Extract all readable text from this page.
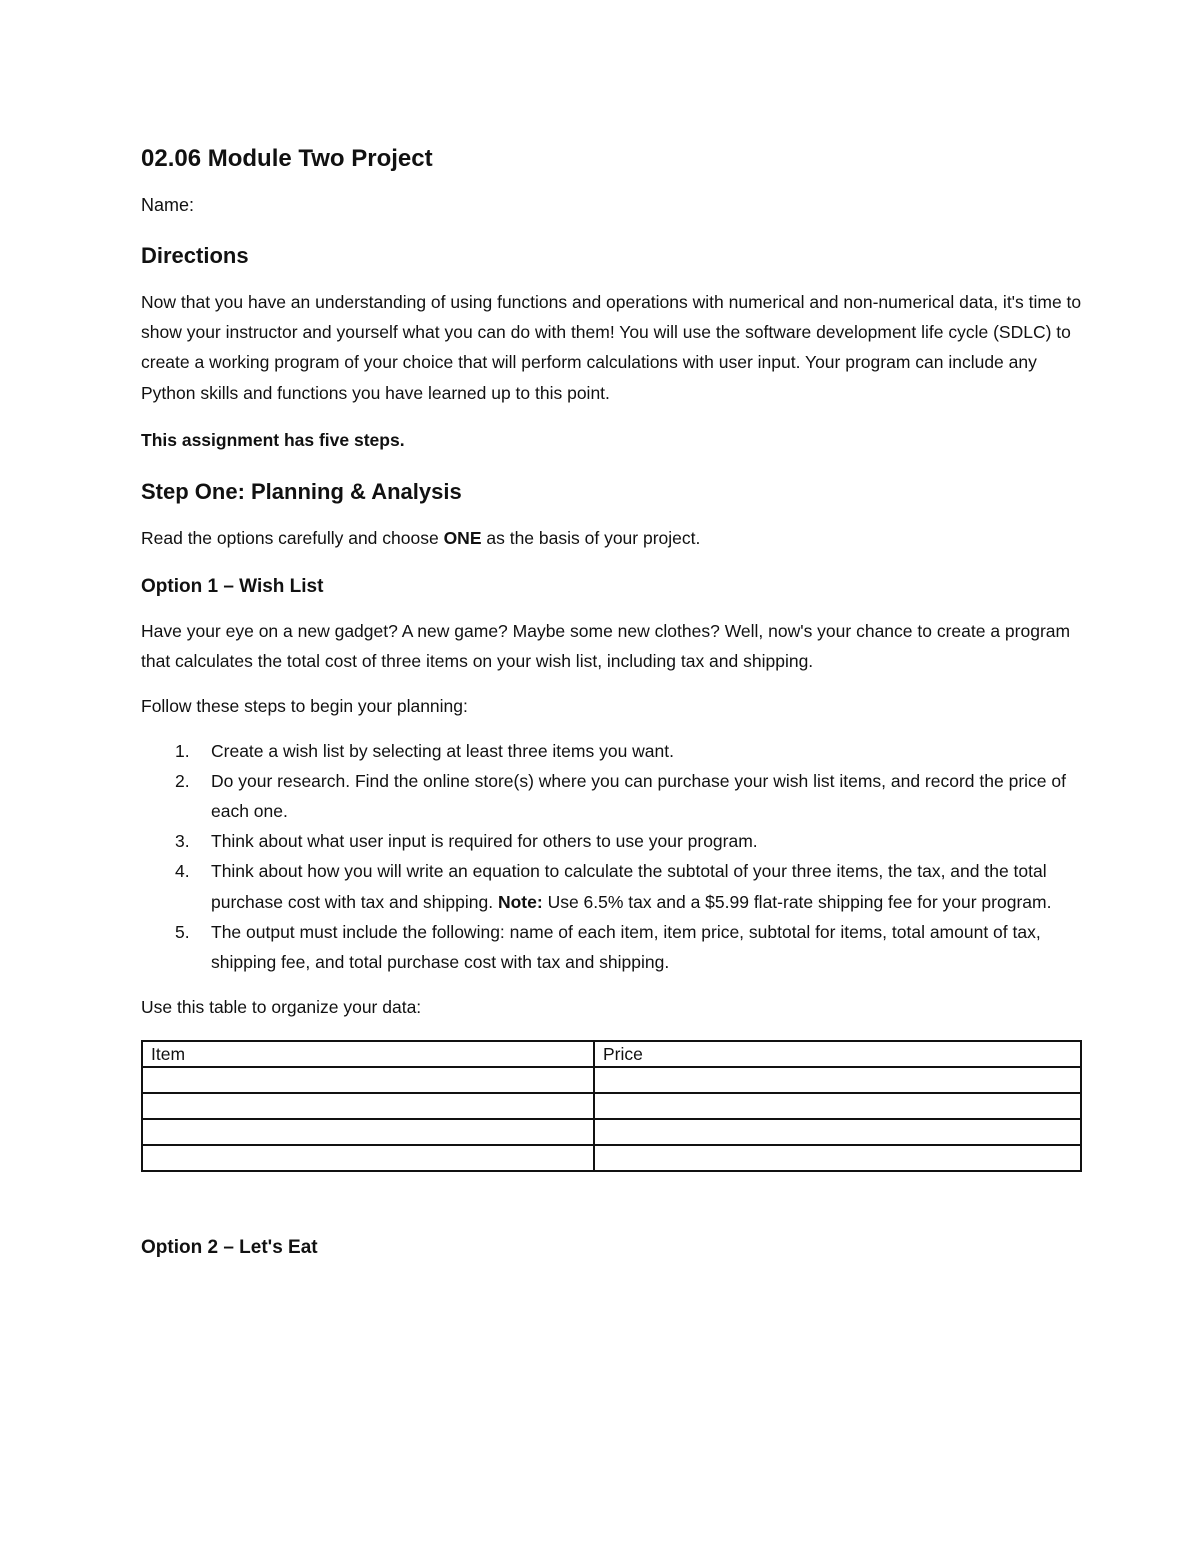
02.06 Module Two Project

Name:

Directions

Now that you have an understanding of using functions and operations with numerical and non-numerical data, it's time to show your instructor and yourself what you can do with them! You will use the software development life cycle (SDLC) to create a working program of your choice that will perform calculations with user input. Your program can include any Python skills and functions you have learned up to this point.

This assignment has five steps.

Step One: Planning & Analysis

Read the options carefully and choose ONE as the basis of your project.

Option 1 – Wish List

Have your eye on a new gadget? A new game? Maybe some new clothes? Well, now's your chance to create a program that calculates the total cost of three items on your wish list, including tax and shipping.

Follow these steps to begin your planning:

1. Create a wish list by selecting at least three items you want.
2. Do your research. Find the online store(s) where you can purchase your wish list items, and record the price of each one.
3. Think about what user input is required for others to use your program.
4. Think about how you will write an equation to calculate the subtotal of your three items, the tax, and the total purchase cost with tax and shipping. Note: Use 6.5% tax and a $5.99 flat-rate shipping fee for your program.
5. The output must include the following: name of each item, item price, subtotal for items, total amount of tax, shipping fee, and total purchase cost with tax and shipping.

Use this table to organize your data:

Item	Price

Option 2 – Let's Eat
